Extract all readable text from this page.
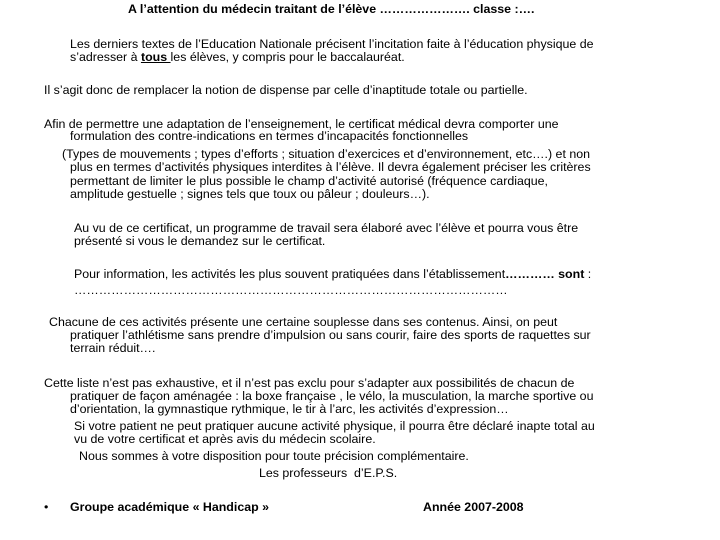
A l’attention du médecin traitant de l’élève …………………. classe :….
Les derniers textes de l’Education Nationale précisent l’incitation faite à l’éducation physique de
s’adresser à tous les élèves, y compris pour le baccalauréat.
Il s’agit donc de remplacer la notion de dispense par celle d’inaptitude totale ou partielle.
Afin de permettre une adaptation de l’enseignement, le certificat médical devra comporter une
formulation des contre-indications en termes d’incapacités fonctionnelles
(Types de mouvements ; types d’efforts ; situation d’exercices et d’environnement, etc….) et non
plus en termes d’activités physiques interdites à l’élève. Il devra également préciser les critères
permettant de limiter le plus possible le champ d’activité autorisé (fréquence cardiaque,
amplitude gestuelle ; signes tels que toux ou pâleur ; douleurs…).
Au vu de ce certificat, un programme de travail sera élaboré avec l’élève et pourra vous être
présenté si vous le demandez sur le certificat.
Pour information, les activités les plus souvent pratiquées dans l’établissement………… sont :
……………………………………………………………………………………………
Chacune de ces activités présente une certaine souplesse dans ses contenus. Ainsi, on peut
pratiquer l’athlétisme sans prendre d’impulsion ou sans courir, faire des sports de raquettes sur
terrain réduit….
Cette liste n’est pas exhaustive, et il n’est pas exclu pour s’adapter aux possibilités de chacun de
pratiquer de façon aménagée : la boxe française , le vélo, la musculation, la marche sportive ou
d’orientation, la gymnastique rythmique, le tir à l’arc, les activités d’expression…
Si votre patient ne peut pratiquer aucune activité physique, il pourra être déclaré inapte total au
vu de votre certificat et après avis du médecin scolaire.
Nous sommes à votre disposition pour toute précision complémentaire.
Les professeurs  d’E.P.S.
• Groupe académique « Handicap »	Année 2007-2008
